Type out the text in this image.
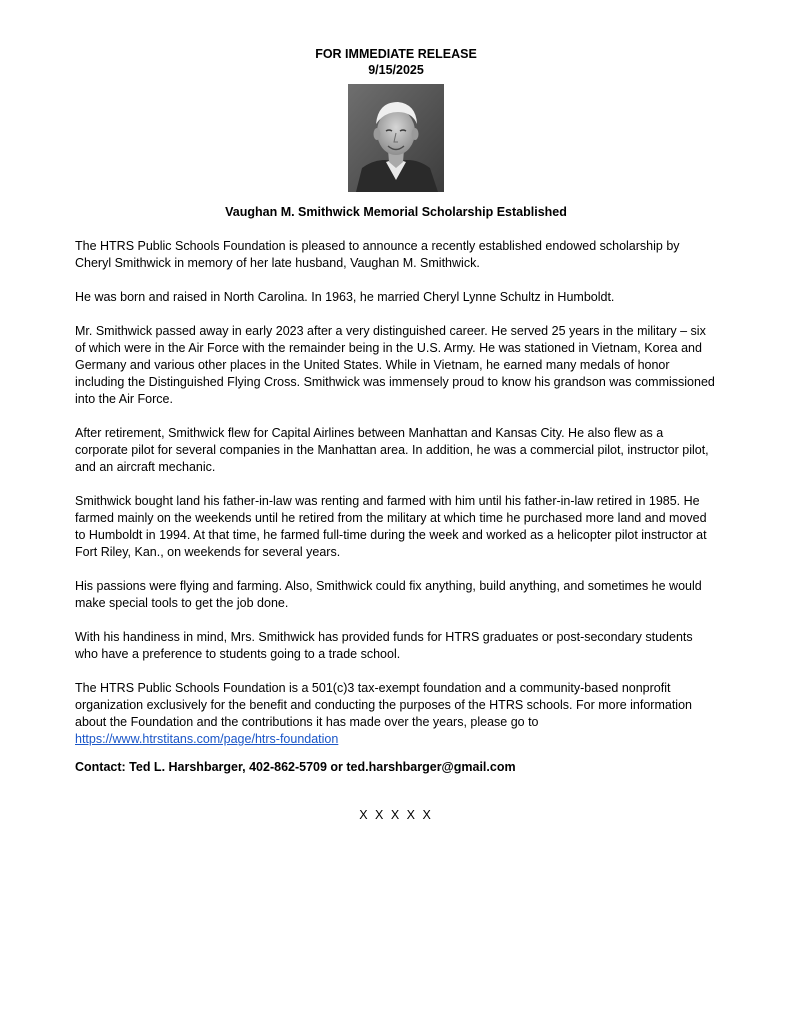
FOR IMMEDIATE RELEASE
9/15/2025
Vaughan M. Smithwick Memorial Scholarship Established

The HTRS Public Schools Foundation is pleased to announce a recently established endowed scholarship by Cheryl Smithwick in memory of her late husband, Vaughan M. Smithwick.

He was born and raised in North Carolina. In 1963, he married Cheryl Lynne Schultz in Humboldt.

Mr. Smithwick passed away in early 2023 after a very distinguished career. He served 25 years in the military – six of which were in the Air Force with the remainder being in the U.S. Army. He was stationed in Vietnam, Korea and Germany and various other places in the United States. While in Vietnam, he earned many medals of honor including the Distinguished Flying Cross. Smithwick was immensely proud to know his grandson was commissioned into the Air Force.

After retirement, Smithwick flew for Capital Airlines between Manhattan and Kansas City. He also flew as a corporate pilot for several companies in the Manhattan area. In addition, he was a commercial pilot, instructor pilot, and an aircraft mechanic.

Smithwick bought land his father-in-law was renting and farmed with him until his father-in-law retired in 1985. He farmed mainly on the weekends until he retired from the military at which time he purchased more land and moved to Humboldt in 1994. At that time, he farmed full-time during the week and worked as a helicopter pilot instructor at Fort Riley, Kan., on weekends for several years.

His passions were flying and farming. Also, Smithwick could fix anything, build anything, and sometimes he would make special tools to get the job done.

With his handiness in mind, Mrs. Smithwick has provided funds for HTRS graduates or post-secondary students who have a preference to students going to a trade school.

The HTRS Public Schools Foundation is a 501(c)3 tax-exempt foundation and a community-based nonprofit organization exclusively for the benefit and conducting the purposes of the HTRS schools. For more information about the Foundation and the contributions it has made over the years, please go to

https://www.htrstitans.com/page/htrs-foundation

Contact: Ted L. Harshbarger, 402-862-5709 or ted.harshbarger@gmail.com
X X X X X
